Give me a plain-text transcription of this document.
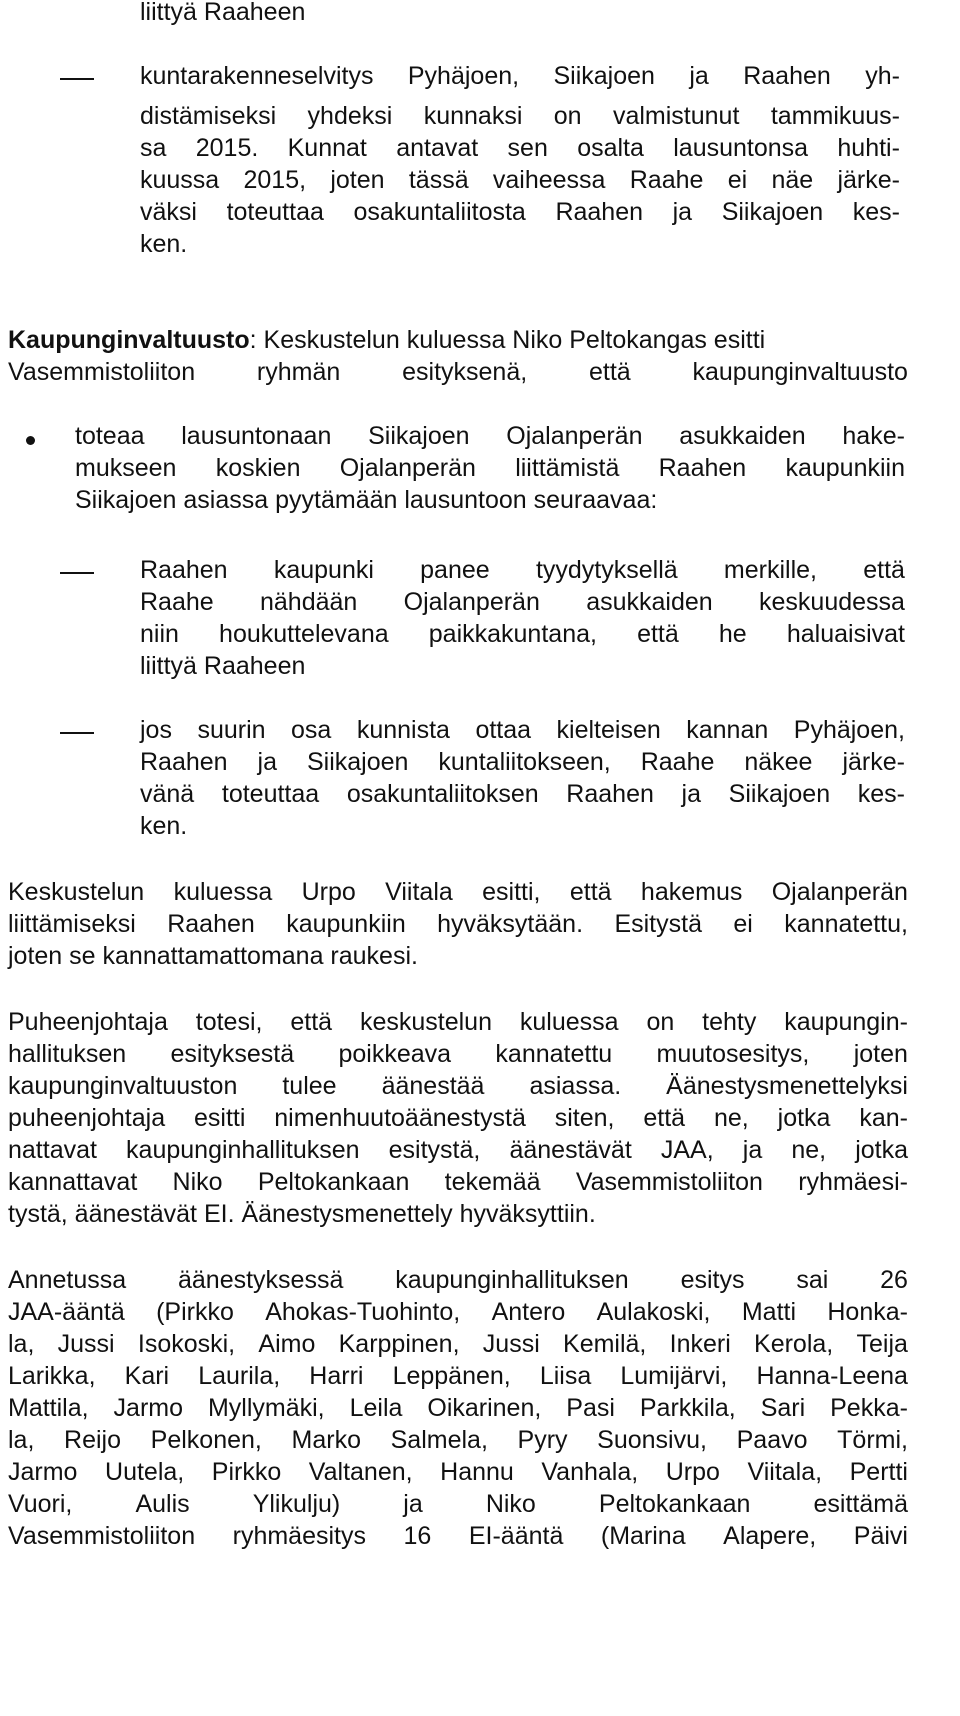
liittyä Raaheen
kuntarakenneselvitys Pyhäjoen, Siikajoen ja Raahen yh-
distämiseksi yhdeksi kunnaksi on valmistunut tammikuus-
sa 2015. Kunnat antavat sen osalta lausuntonsa huhti-
kuussa 2015, joten tässä vaiheessa Raahe ei näe järke-
väksi toteuttaa osakuntaliitosta Raahen ja Siikajoen kes-
ken.
Kaupunginvaltuusto: Keskustelun kuluessa Niko Peltokangas esitti
Vasemmistoliiton ryhmän esityksenä, että kaupunginvaltuusto
toteaa lausuntonaan Siikajoen Ojalanperän asukkaiden hake-
mukseen koskien Ojalanperän liittämistä Raahen kaupunkiin
Siikajoen asiassa pyytämään lausuntoon seuraavaa:
Raahen kaupunki panee tyydytyksellä merkille, että
Raahe nähdään Ojalanperän asukkaiden keskuudessa
niin houkuttelevana paikkakuntana, että he haluaisivat
liittyä Raaheen
jos suurin osa kunnista ottaa kielteisen kannan Pyhäjoen,
Raahen ja Siikajoen kuntaliitokseen, Raahe näkee järke-
vänä toteuttaa osakuntaliitoksen Raahen ja Siikajoen kes-
ken.
Keskustelun kuluessa Urpo Viitala esitti, että hakemus Ojalanperän
liittämiseksi Raahen kaupunkiin hyväksytään. Esitystä ei kannatettu,
joten se kannattamattomana raukesi.
Puheenjohtaja totesi, että keskustelun kuluessa on tehty kaupungin-
hallituksen esityksestä poikkeava kannatettu muutosesitys, joten
kaupunginvaltuuston tulee äänestää asiassa. Äänestysmenettelyksi
puheenjohtaja esitti nimenhuutoäänestystä siten, että ne, jotka kan-
nattavat kaupunginhallituksen esitystä, äänestävät JAA, ja ne, jotka
kannattavat Niko Peltokankaan tekemää Vasemmistoliiton ryhmäesi-
tystä, äänestävät EI. Äänestysmenettely hyväksyttiin.
Annetussa äänestyksessä kaupunginhallituksen esitys sai 26
JAA-ääntä (Pirkko Ahokas-Tuohinto, Antero Aulakoski, Matti Honka-
la, Jussi Isokoski, Aimo Karppinen, Jussi Kemilä, Inkeri Kerola, Teija
Larikka, Kari Laurila, Harri Leppänen, Liisa Lumijärvi, Hanna-Leena
Mattila, Jarmo Myllymäki, Leila Oikarinen, Pasi Parkkila, Sari Pekka-
la, Reijo Pelkonen, Marko Salmela, Pyry Suonsivu, Paavo Törmi,
Jarmo Uutela, Pirkko Valtanen, Hannu Vanhala, Urpo Viitala, Pertti
Vuori,	Aulis	Ylikulju)	ja	Niko	Peltokankaan	esittämä
Vasemmistoliiton ryhmäesitys 16 EI-ääntä (Marina Alapere, Päivi
